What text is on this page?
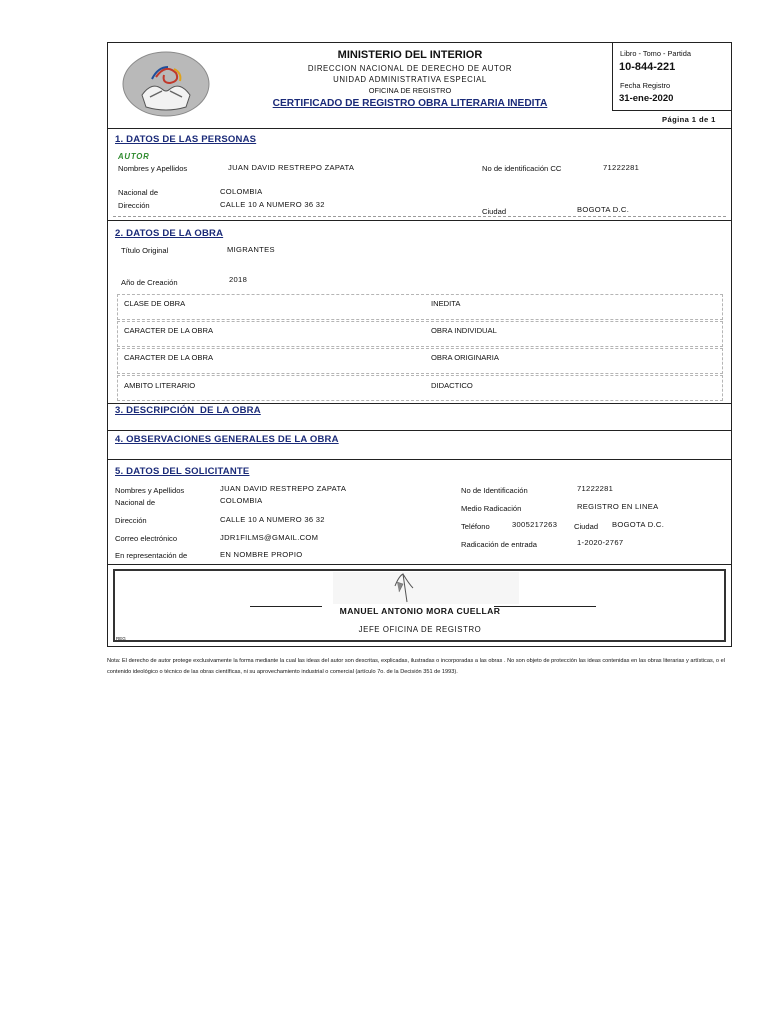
MINISTERIO DEL INTERIOR
DIRECCION NACIONAL DE DERECHO DE AUTOR
UNIDAD ADMINISTRATIVA ESPECIAL
OFICINA DE REGISTRO
CERTIFICADO DE REGISTRO OBRA LITERARIA INEDITA
Libro - Tomo - Partida
10-844-221
Fecha Registro
31-ene-2020
Página 1 de 1
1. DATOS DE LAS PERSONAS
AUTOR
Nombres y Apellidos	JUAN DAVID RESTREPO ZAPATA	No de identificación CC	71222281
Nacional de	COLOMBIA
Dirección	CALLE 10 A NUMERO 36 32
Ciudad	BOGOTA D.C.
2. DATOS DE LA OBRA
Título Original	MIGRANTES
Año de Creación	2018
CLASE DE OBRA	INEDITA
CARACTER DE LA OBRA	OBRA INDIVIDUAL
CARACTER DE LA OBRA	OBRA ORIGINARIA
AMBITO LITERARIO	DIDACTICO
3. DESCRIPCIÓN  DE LA OBRA
4. OBSERVACIONES GENERALES DE LA OBRA
5. DATOS DEL SOLICITANTE
Nombres y Apellidos	JUAN DAVID RESTREPO ZAPATA
Nacional de	COLOMBIA
Dirección	CALLE 10 A NUMERO 36 32
Correo electrónico	JDR1FILMS@GMAIL.COM
En representación de	EN NOMBRE PROPIO
No de Identificación	71222281
Medio Radicación	REGISTRO EN LINEA
Teléfono	3005217263 Ciudad BOGOTA D.C.
Radicación de entrada	1-2020-2767
MANUEL ANTONIO MORA CUELLAR
JEFE OFICINA DE REGISTRO
REG
Nota: El derecho de autor protege exclusivamente la forma mediante la cual las ideas del autor son descritas, explicadas, ilustradas o incorporadas a las obras . No son objeto de protección las ideas contenidas en las obras literarias y artísticas, o el contenido ideológico o técnico de las obras científicas, ni su aprovechamiento industrial o comercial (artículo 7o. de la Decisión 351 de 1993).
